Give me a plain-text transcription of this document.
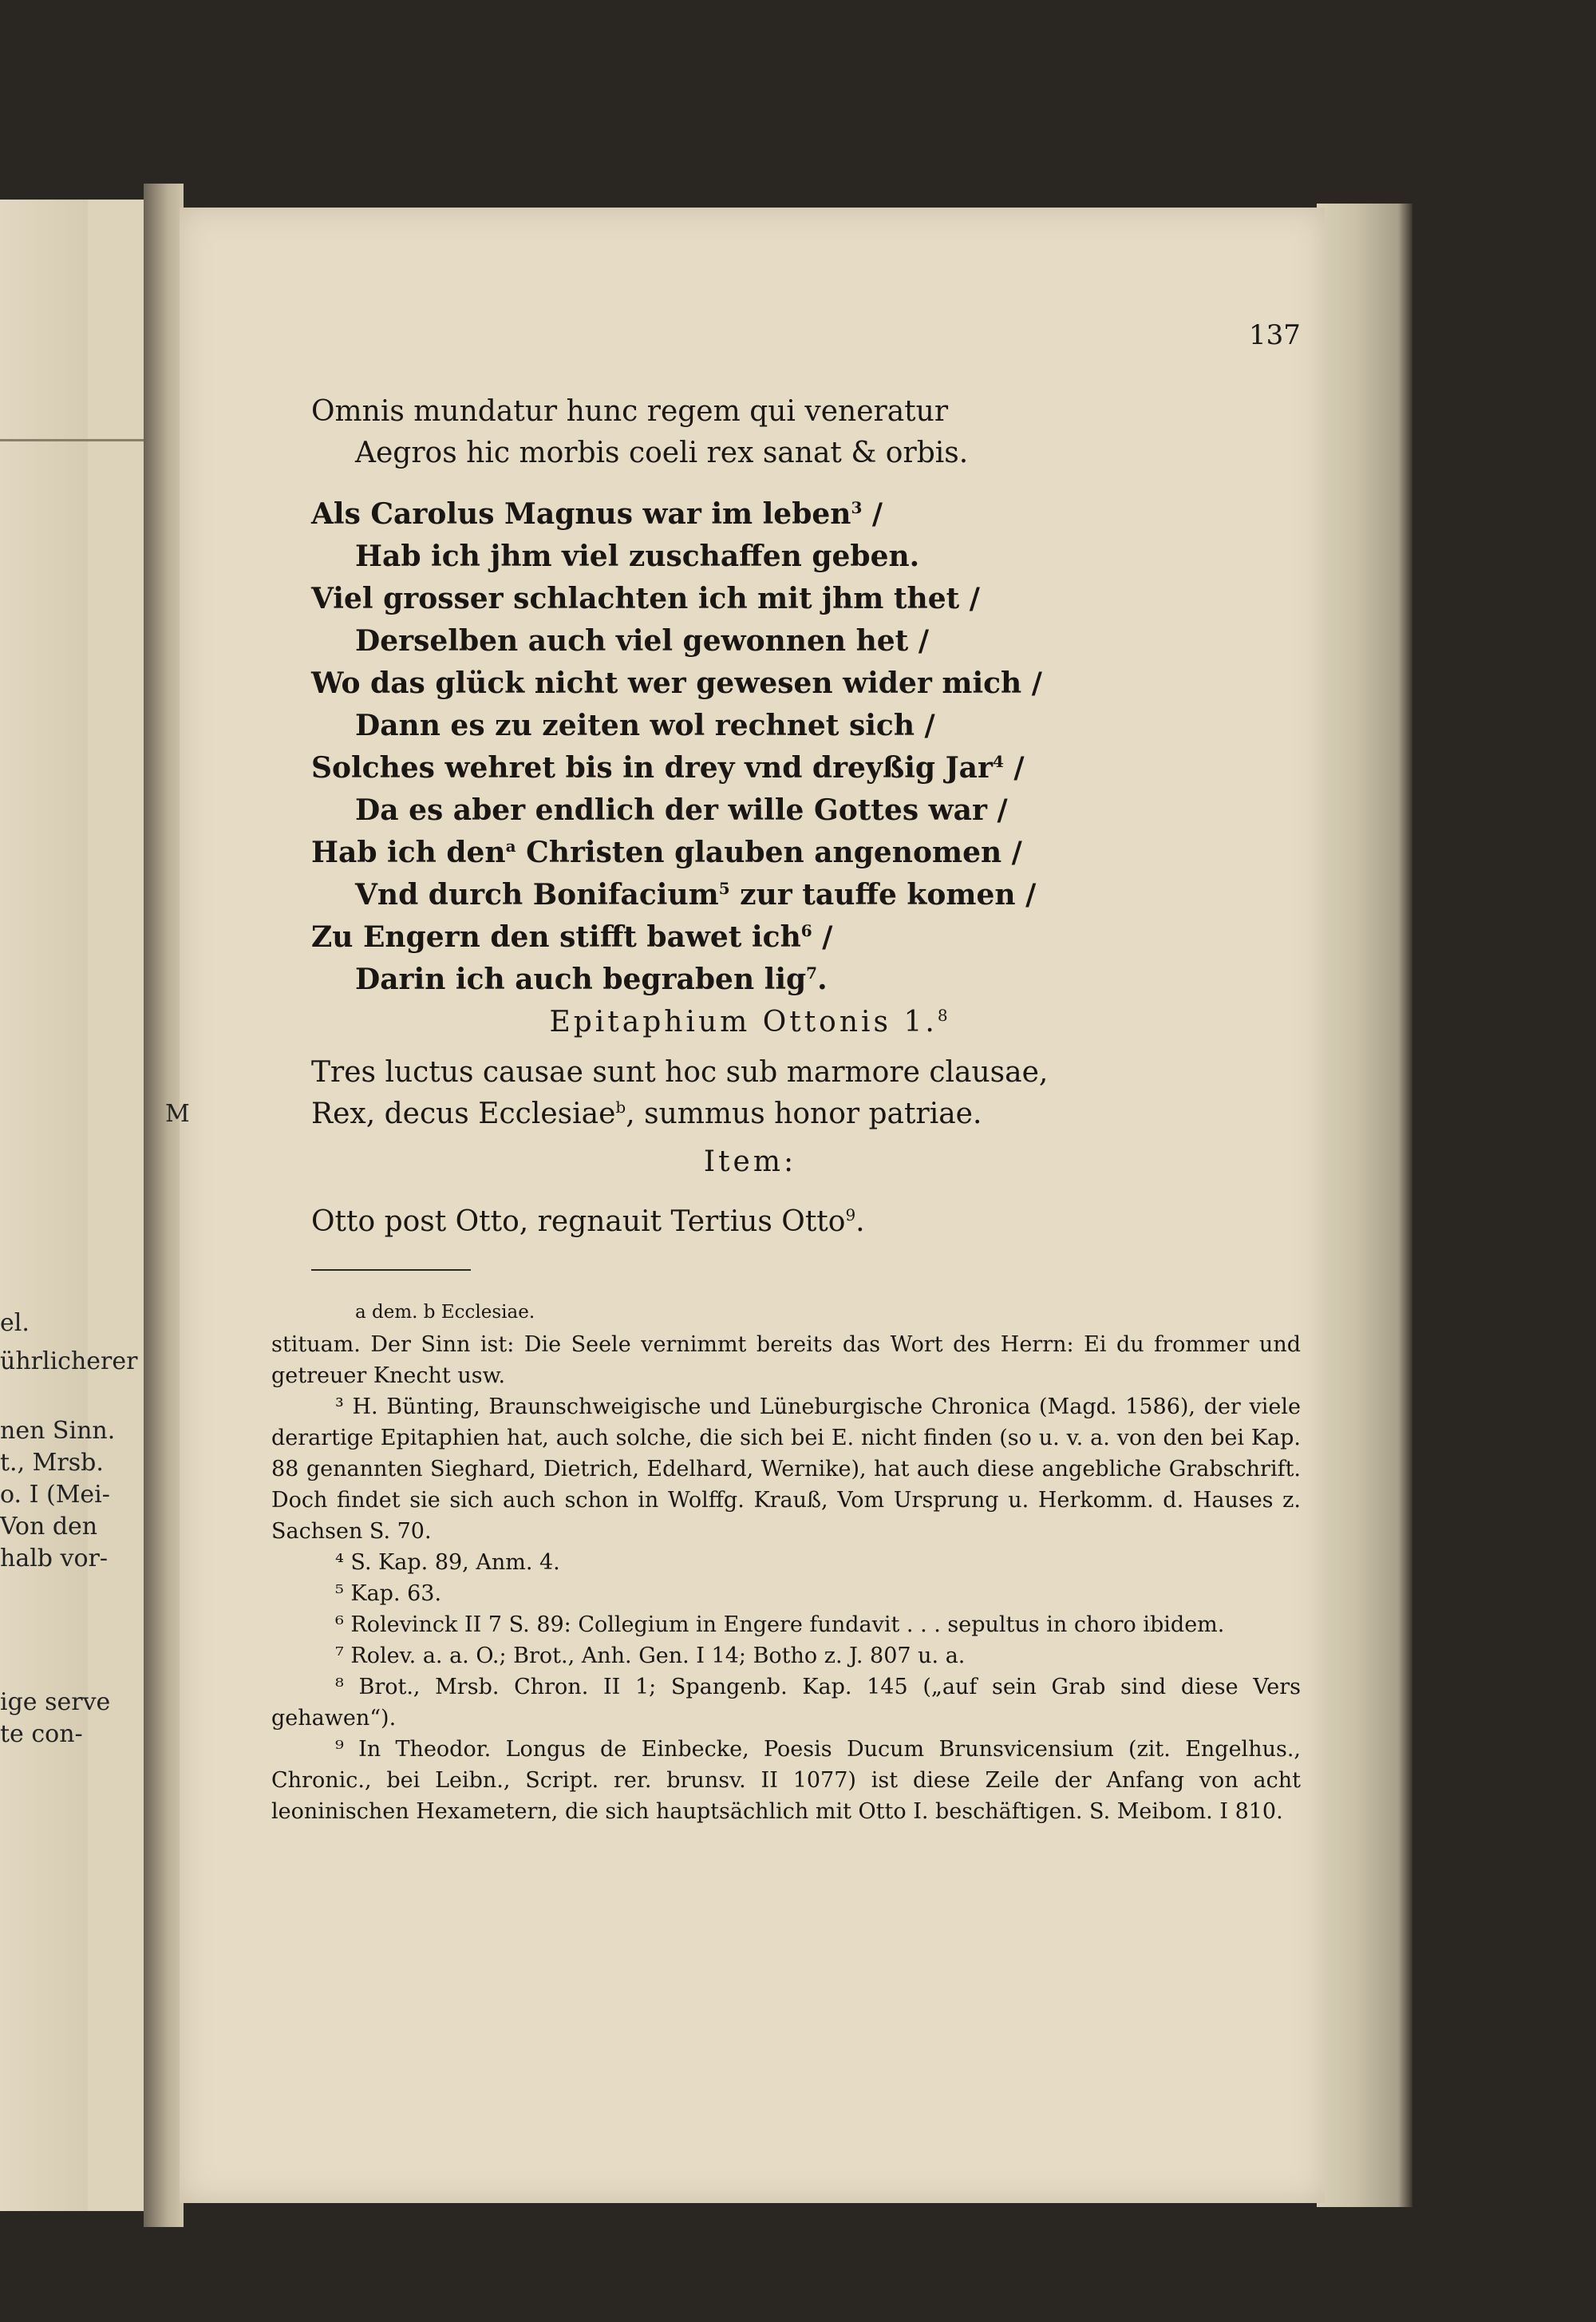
el.
ührlicherer
nen Sinn.
t., Mrsb.
o. I (Mei-
Von den
halb vor-
ige serve
te con-
137
Omnis mundatur hunc regem qui veneratur
Aegros hic morbis coeli rex sanat & orbis.
Als Carolus Magnus war im leben$^3$ /
Hab ich jhm viel zuschaffen geben.
Viel grosser schlachten ich mit jhm thet /
Derselben auch viel gewonnen het /
Wo das glück nicht wer gewesen wider mich /
Dann es zu zeiten wol rechnet sich /
Solches wehret bis in drey vnd dreyßig Jar$^4$ /
Da es aber endlich der wille Gottes war /
Hab ich den$^a$ Christen glauben angenomen /
Vnd durch Bonifacium$^5$ zur tauffe komen /
Zu Engern den stifft bawet ich$^6$ /
Darin ich auch begraben lig$^7$.
Epitaphium Ottonis 1.$^8$
Tres luctus causae sunt hoc sub marmore clausae,
Rex, decus Ecclesiae$^b$, summus honor patriae.
M
Item:
Otto post Otto, regnauit Tertius Otto$^9$.
a dem. b Ecclesiae.
stituam. Der Sinn ist: Die Seele vernimmt bereits das Wort des Herrn: Ei du frommer und getreuer Knecht usw.
³ H. Bünting, Braunschweigische und Lüneburgische Chronica (Magd. 1586), der viele derartige Epitaphien hat, auch solche, die sich bei E. nicht finden (so u. v. a. von den bei Kap. 88 genannten Sieghard, Dietrich, Edelhard, Wernike), hat auch diese angebliche Grabschrift. Doch findet sie sich auch schon in Wolffg. Krauß, Vom Ursprung u. Herkomm. d. Hauses z. Sachsen S. 70.
⁴ S. Kap. 89, Anm. 4.
⁵ Kap. 63.
⁶ Rolevinck II 7 S. 89: Collegium in Engere fundavit . . . sepultus in choro ibidem.
⁷ Rolev. a. a. O.; Brot., Anh. Gen. I 14; Botho z. J. 807 u. a.
⁸ Brot., Mrsb. Chron. II 1; Spangenb. Kap. 145 („auf sein Grab sind diese Vers gehawen“).
⁹ In Theodor. Longus de Einbecke, Poesis Ducum Brunsvicensium (zit. Engelhus., Chronic., bei Leibn., Script. rer. brunsv. II 1077) ist diese Zeile der Anfang von acht leoninischen Hexametern, die sich hauptsächlich mit Otto I. beschäftigen. S. Meibom. I 810.
